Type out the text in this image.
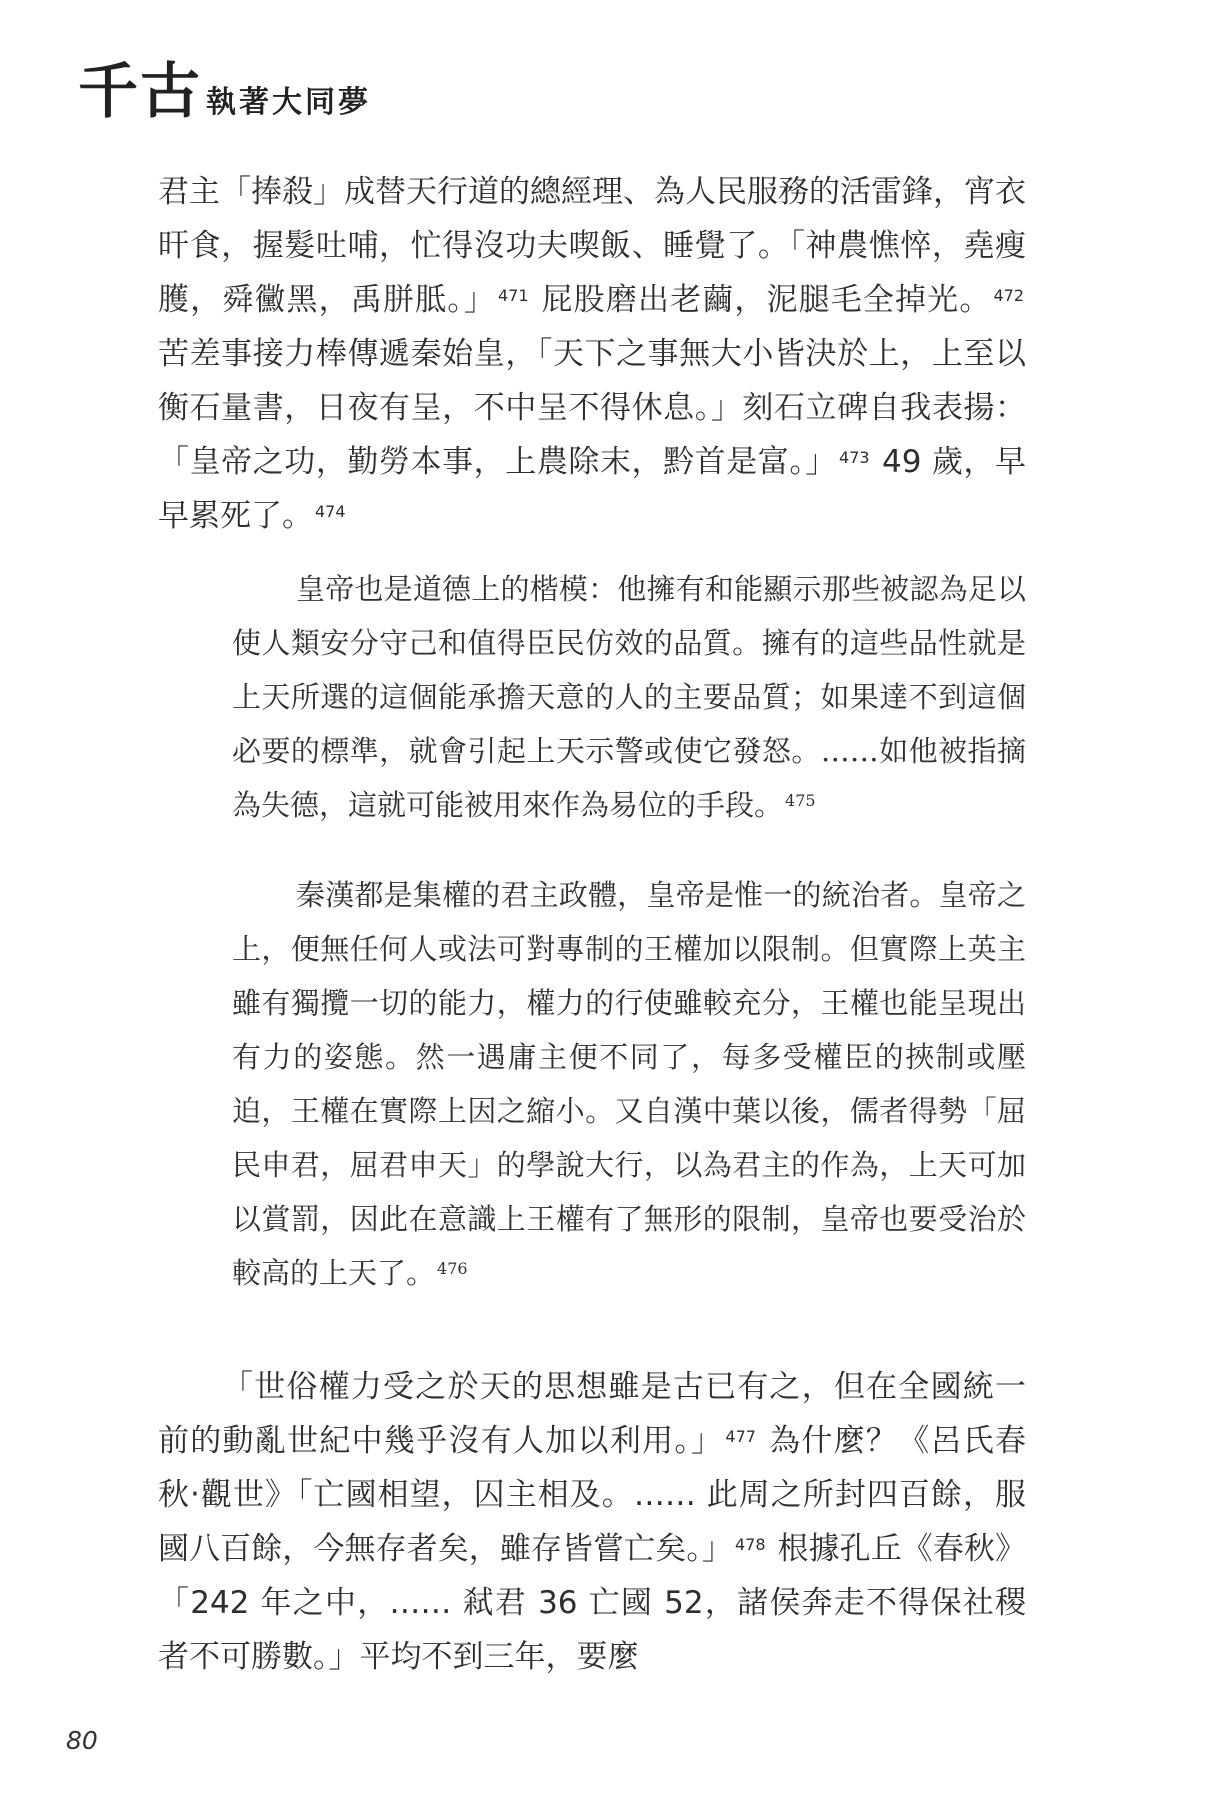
千古 執著大同夢

君主「捧殺」成替天行道的總經理、為人民服務的活雷鋒，宵衣旰食，握髮吐哺，忙得沒功夫喫飯、睡覺了。「神農憔悴，堯瘦臒，舜黴黑，禹胼胝。」 $^{471}$ 屁股磨出老繭，泥腿毛全掉光。 $^{472}$ 苦差事接力棒傳遞秦始皇，「天下之事無大小皆決於上，上至以衡石量書，日夜有呈，不中呈不得休息。」刻石立碑自我表揚：「皇帝之功，勤勞本事，上農除末，黔首是富。」 $^{473}$ 49 歲，早早累死了。 $^{474}$

皇帝也是道德上的楷模：他擁有和能顯示那些被認為足以使人類安分守己和值得臣民仿效的品質。擁有的這些品性就是上天所選的這個能承擔天意的人的主要品質；如果達不到這個必要的標準，就會引起上天示警或使它發怒。……如他被指摘為失德，這就可能被用來作為易位的手段。 $^{475}$

秦漢都是集權的君主政體，皇帝是惟一的統治者。皇帝之上，便無任何人或法可對專制的王權加以限制。但實際上英主雖有獨攬一切的能力，權力的行使雖較充分，王權也能呈現出有力的姿態。然一遇庸主便不同了，每多受權臣的挾制或壓迫，王權在實際上因之縮小。又自漢中葉以後，儒者得勢「屈民申君，屈君申天」的學說大行，以為君主的作為，上天可加以賞罰，因此在意識上王權有了無形的限制，皇帝也要受治於較高的上天了。 $^{476}$

「世俗權力受之於天的思想雖是古已有之，但在全國統一前的動亂世紀中幾乎沒有人加以利用。」 $^{477}$ 為什麼？《呂氏春秋‧觀世》「亡國相望，囚主相及。…… 此周之所封四百餘，服國八百餘，今無存者矣，雖存皆嘗亡矣。」 $^{478}$ 根據孔丘《春秋》「242 年之中，…… 弒君 36 亡國 52，諸侯奔走不得保社稷者不可勝數。」平均不到三年，要麼

80
